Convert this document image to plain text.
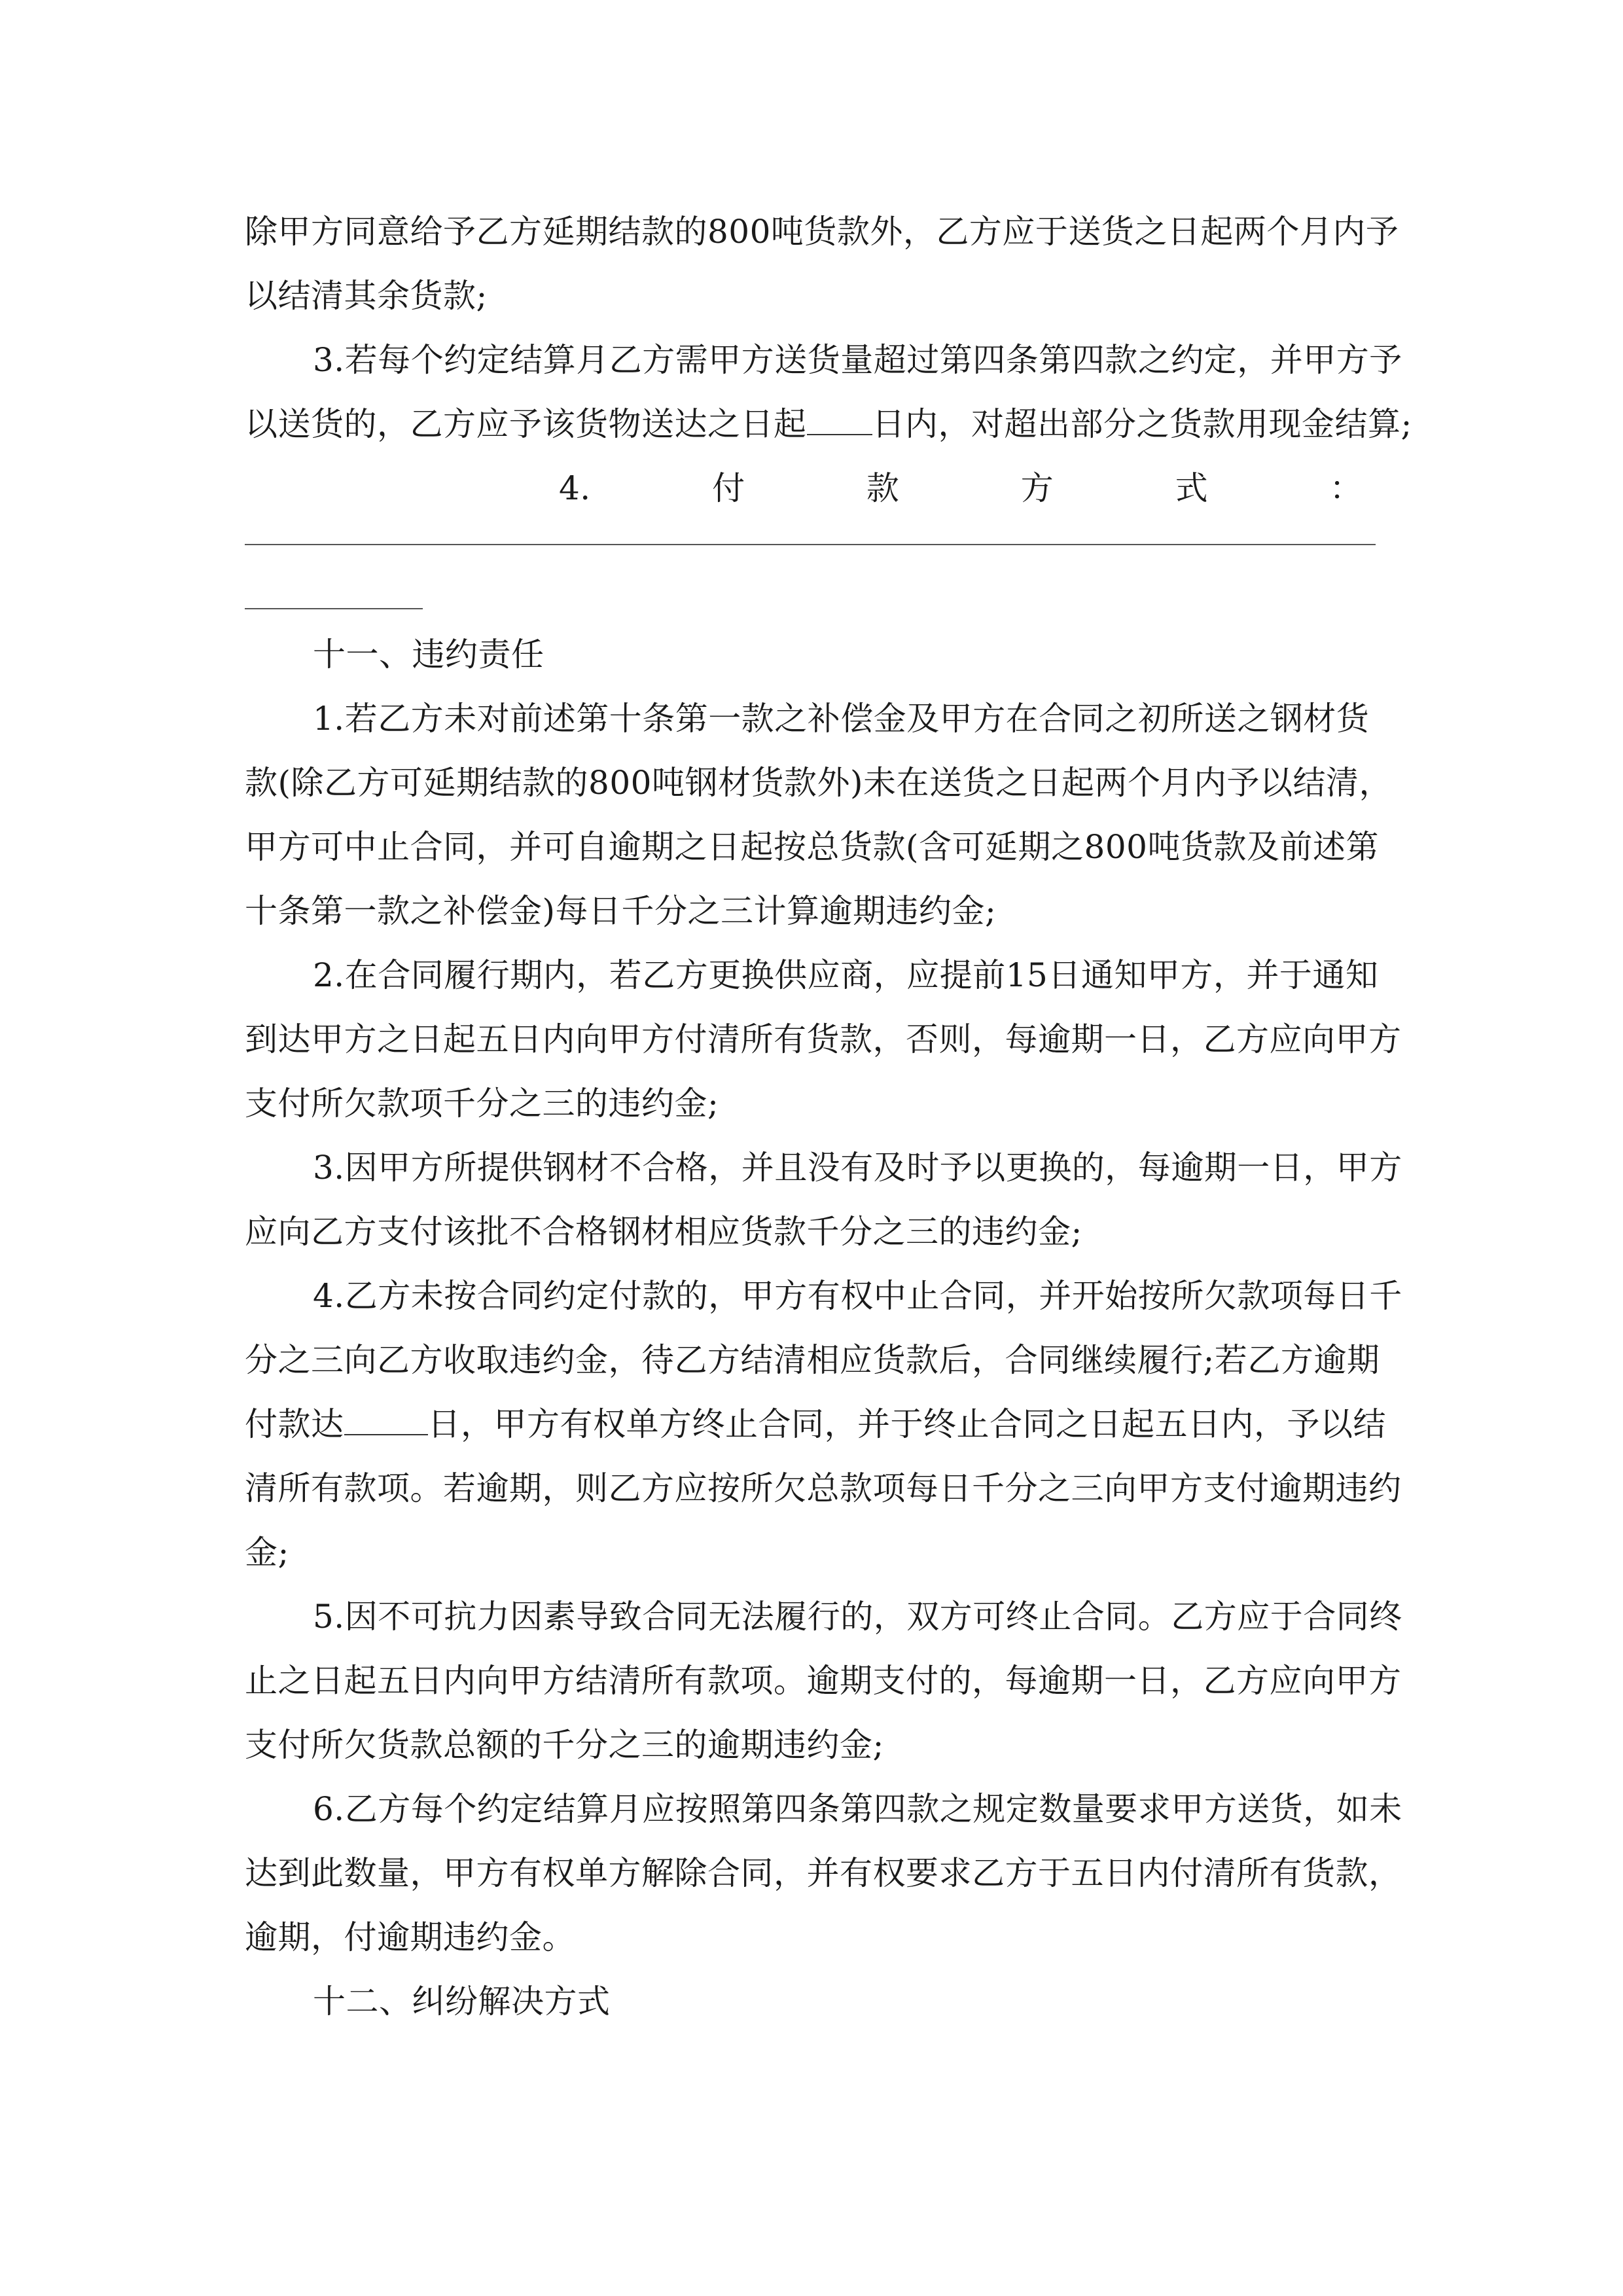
除甲方同意给予乙方延期结款的800吨货款外，乙方应于送货之日起两个月内予
以结清其余货款;
3.若每个约定结算月乙方需甲方送货量超过第四条第四款之约定，并甲方予
以送货的，乙方应予该货物送达之日起 日内，对超出部分之货款用现金结算;
4.	付	款	方	式	：
十一、违约责任
1.若乙方未对前述第十条第一款之补偿金及甲方在合同之初所送之钢材货
款(除乙方可延期结款的800吨钢材货款外)未在送货之日起两个月内予以结清，
甲方可中止合同，并可自逾期之日起按总货款(含可延期之800吨货款及前述第
十条第一款之补偿金)每日千分之三计算逾期违约金;
2.在合同履行期内，若乙方更换供应商，应提前15日通知甲方，并于通知
到达甲方之日起五日内向甲方付清所有货款，否则，每逾期一日，乙方应向甲方
支付所欠款项千分之三的违约金;
3.因甲方所提供钢材不合格，并且没有及时予以更换的，每逾期一日，甲方
应向乙方支付该批不合格钢材相应货款千分之三的违约金;
4.乙方未按合同约定付款的，甲方有权中止合同，并开始按所欠款项每日千
分之三向乙方收取违约金，待乙方结清相应货款后，合同继续履行;若乙方逾期
付款达	日，甲方有权单方终止合同，并于终止合同之日起五日内，予以结
清所有款项。若逾期，则乙方应按所欠总款项每日千分之三向甲方支付逾期违约
金;
5.因不可抗力因素导致合同无法履行的，双方可终止合同。乙方应于合同终
止之日起五日内向甲方结清所有款项。逾期支付的，每逾期一日，乙方应向甲方
支付所欠货款总额的千分之三的逾期违约金;
6.乙方每个约定结算月应按照第四条第四款之规定数量要求甲方送货，如未
达到此数量，甲方有权单方解除合同，并有权要求乙方于五日内付清所有货款，
逾期，付逾期违约金。
十二、纠纷解决方式
